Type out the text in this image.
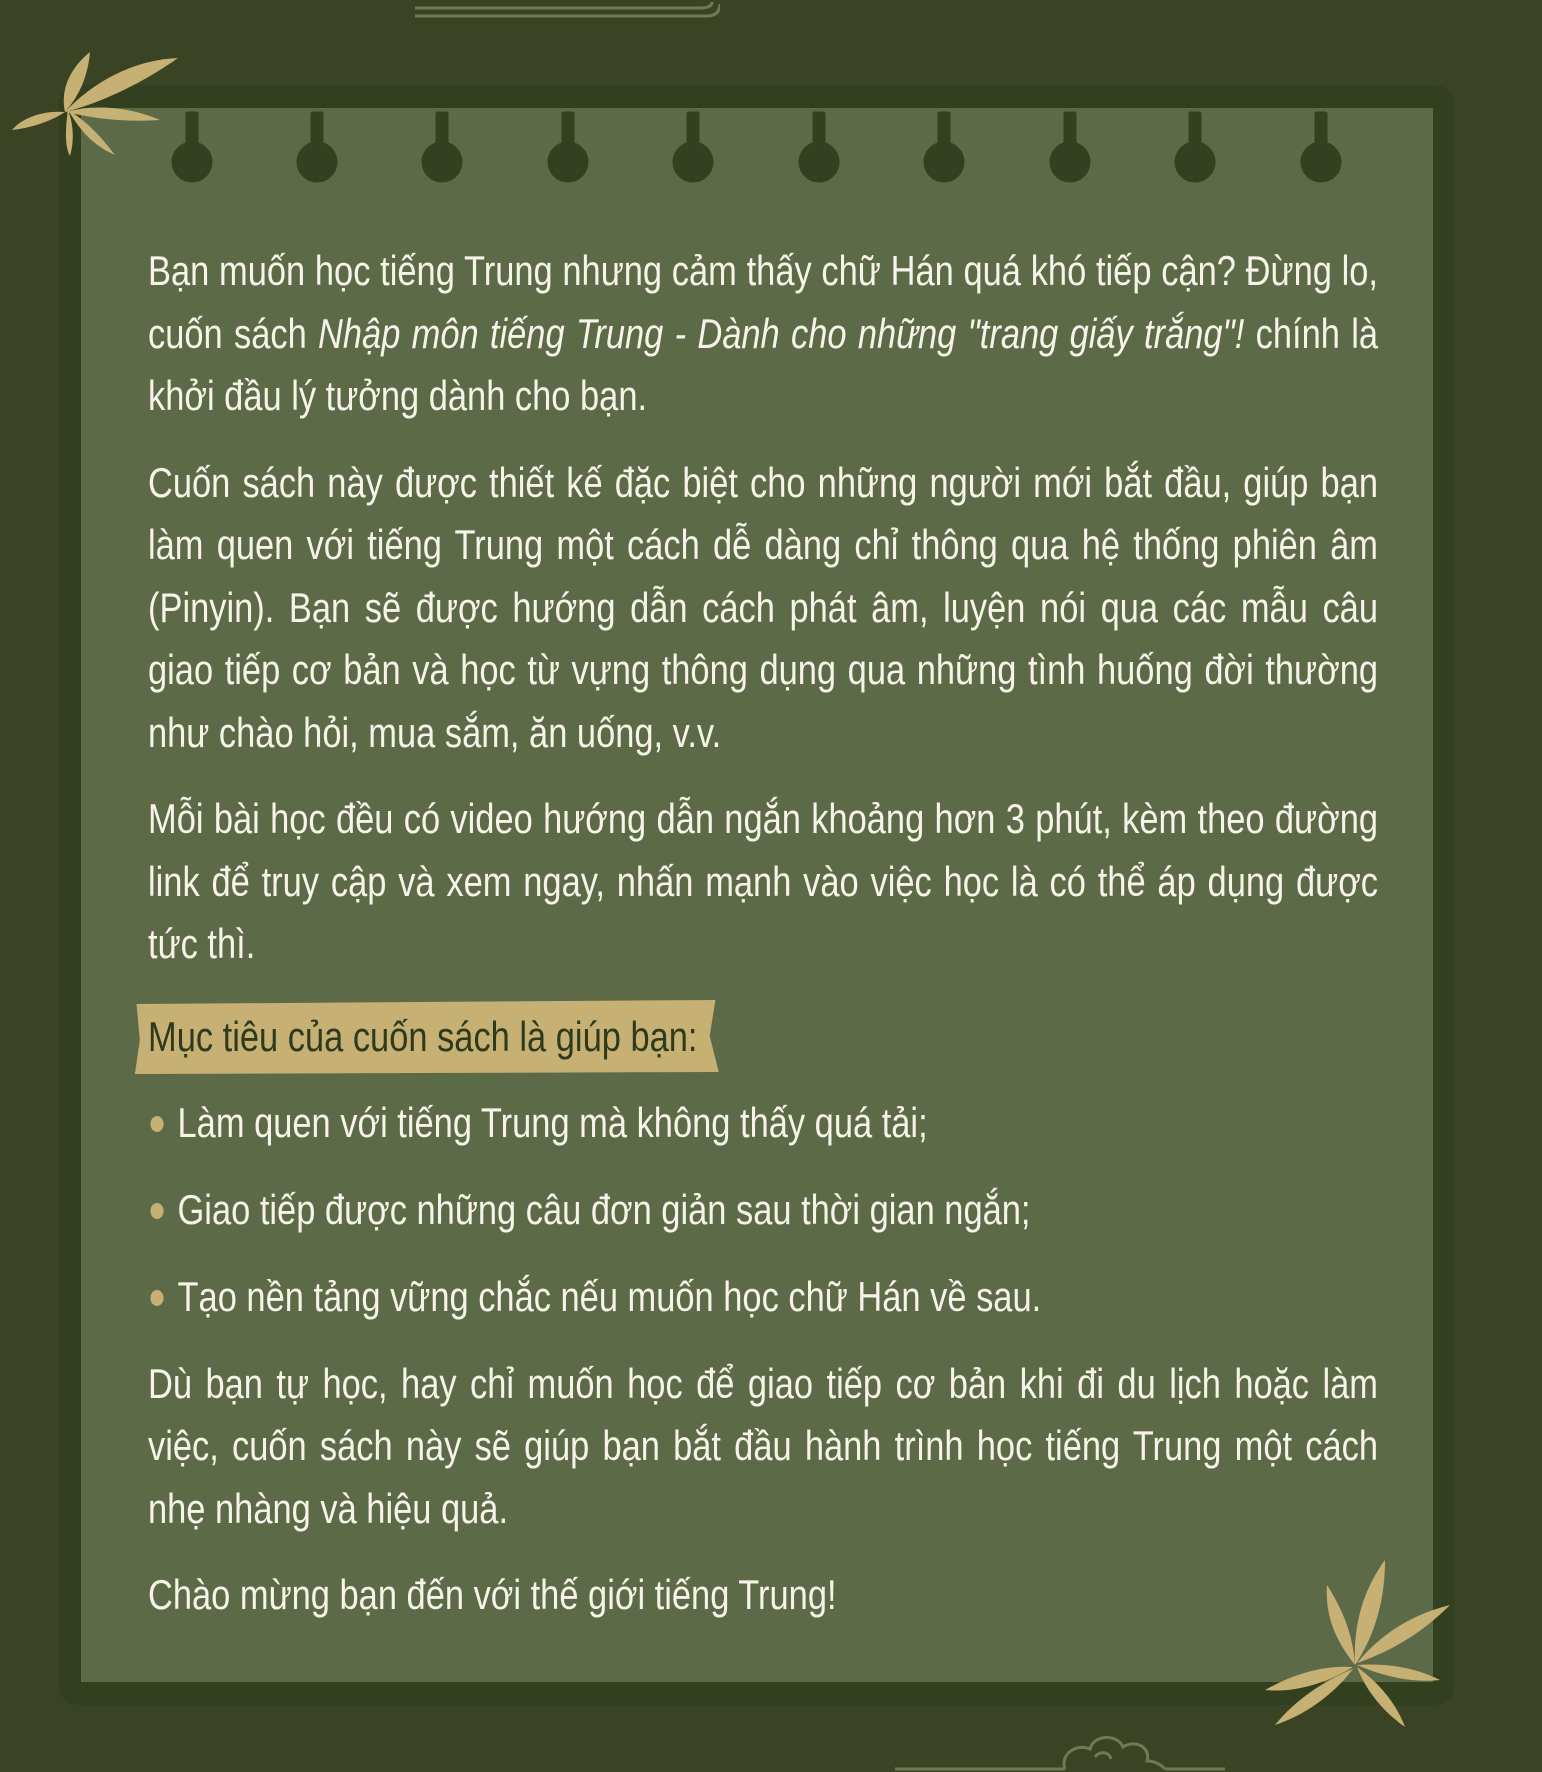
Bạn muốn học tiếng Trung nhưng cảm thấy chữ Hán quá khó tiếp cận? Đừng lo, cuốn sách Nhập môn tiếng Trung - Dành cho những "trang giấy trắng"! chính là khởi đầu lý tưởng dành cho bạn.

Cuốn sách này được thiết kế đặc biệt cho những người mới bắt đầu, giúp bạn làm quen với tiếng Trung một cách dễ dàng chỉ thông qua hệ thống phiên âm (Pinyin). Bạn sẽ được hướng dẫn cách phát âm, luyện nói qua các mẫu câu giao tiếp cơ bản và học từ vựng thông dụng qua những tình huống đời thường như chào hỏi, mua sắm, ăn uống, v.v.

Mỗi bài học đều có video hướng dẫn ngắn khoảng hơn 3 phút, kèm theo đường link để truy cập và xem ngay, nhấn mạnh vào việc học là có thể áp dụng được tức thì.

Mục tiêu của cuốn sách là giúp bạn:
Làm quen với tiếng Trung mà không thấy quá tải;
Giao tiếp được những câu đơn giản sau thời gian ngắn;
Tạo nền tảng vững chắc nếu muốn học chữ Hán về sau.

Dù bạn tự học, hay chỉ muốn học để giao tiếp cơ bản khi đi du lịch hoặc làm việc, cuốn sách này sẽ giúp bạn bắt đầu hành trình học tiếng Trung một cách nhẹ nhàng và hiệu quả.

Chào mừng bạn đến với thế giới tiếng Trung!
